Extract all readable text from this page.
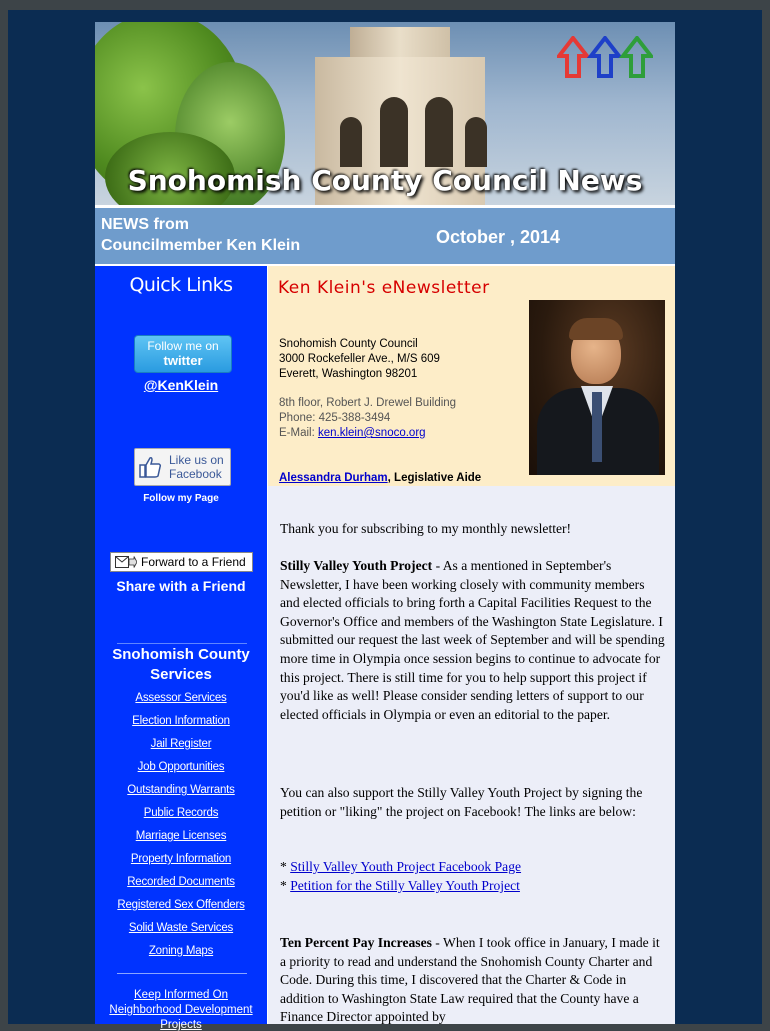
Snohomish County Council News
NEWS from
Councilmember Ken Klein	October , 2014
Quick Links
Follow me on
twitter
@KenKlein
Like us on
Facebook
Follow my Page
Forward to a Friend
Share with a Friend
Snohomish County
Services
Assessor Services
Election Information
Jail Register
Job Opportunities
Outstanding Warrants
Public Records
Marriage Licenses
Property Information
Recorded Documents
Registered Sex Offenders
Solid Waste Services
Zoning Maps
Keep Informed On
Neighborhood Development
Projects
Ken Klein's eNewsletter
Snohomish County Council
3000 Rockefeller Ave., M/S 609
Everett, Washington 98201
8th floor, Robert J. Drewel Building
Phone: 425-388-3494
E-Mail: ken.klein@snoco.org
Alessandra Durham, Legislative Aide

Thank you for subscribing to my monthly newsletter!

Stilly Valley Youth Project - As a mentioned in September's Newsletter, I have been working closely with community members and elected officials to bring forth a Capital Facilities Request to the Governor's Office and members of the Washington State Legislature. I submitted our request the last week of September and will be spending more time in Olympia once session begins to continue to advocate for this project. There is still time for you to help support this project if you'd like as well! Please consider sending letters of support to our elected officials in Olympia or even an editorial to the paper.

You can also support the Stilly Valley Youth Project by signing the petition or "liking" the project on Facebook! The links are below:

* Stilly Valley Youth Project Facebook Page

* Petition for the Stilly Valley Youth Project

Ten Percent Pay Increases - When I took office in January, I made it a priority to read and understand the Snohomish County Charter and Code. During this time, I discovered that the Charter & Code in addition to Washington State Law required that the County have a Finance Director appointed by
